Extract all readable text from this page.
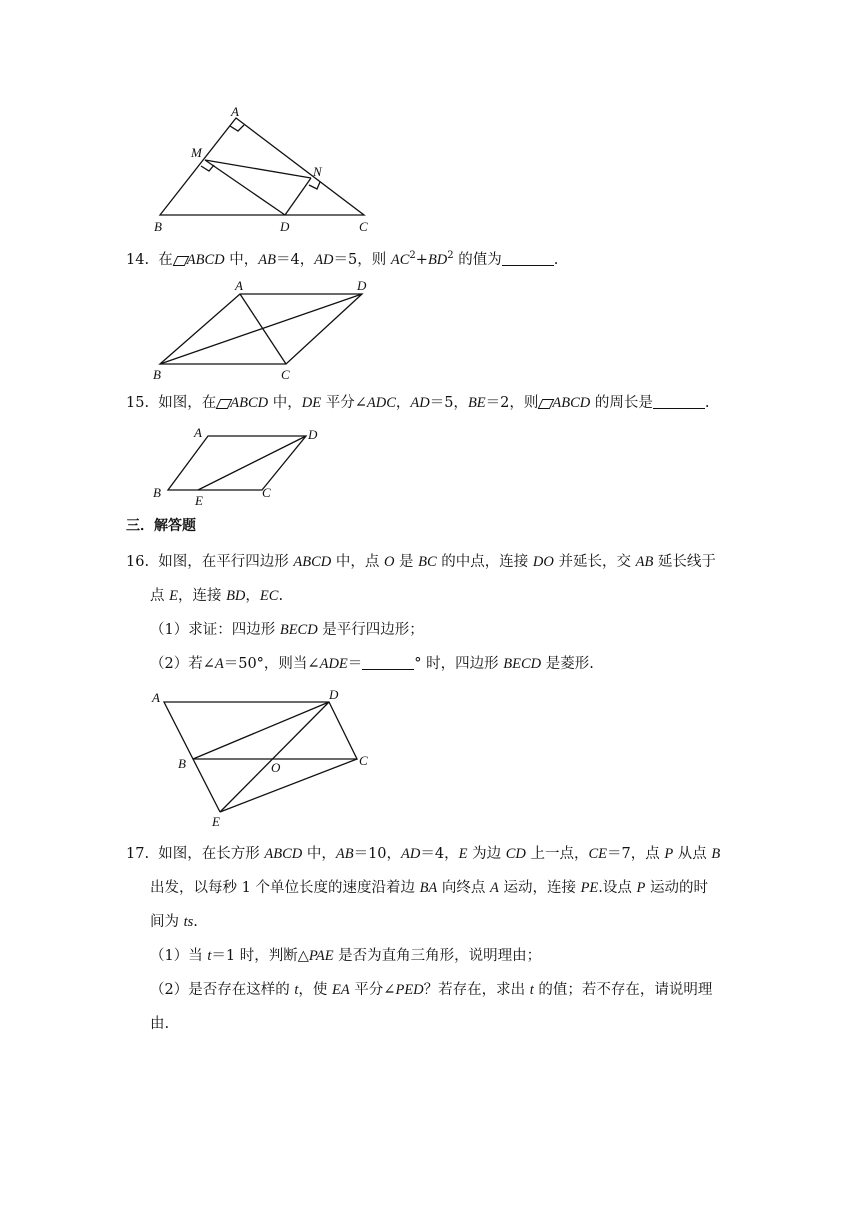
A
M
N
B	D	C
14. 在 ABCD 中，AB＝4，AD＝5，则 $AC^2+BD^2$ 的值为	.
A	D
B	C
15. 如图，在 ABCD 中，DE 平分∠ADC，AD＝5，BE＝2，则 ABCD 的周长是	.
A	D
B
E
C
三．解答题
16. 如图，在平行四边形 ABCD 中，点 O 是 BC 的中点，连接 DO 并延长，交 AB 延长线于
点 E，连接 BD，EC.
（1）求证：四边形 BECD 是平行四边形；
（2）若∠A＝50°，则当∠ADE＝	° 时，四边形 BECD 是菱形.
A	D
B	O	C
E
17. 如图，在长方形 ABCD 中，AB＝10，AD＝4，E 为边 CD 上一点，CE＝7，点 P 从点 B
出发，以每秒 1 个单位长度的速度沿着边 BA 向终点 A 运动，连接 PE.设点 P 运动的时
间为 ts.
（1）当 t＝1 时，判断△PAE 是否为直角三角形，说明理由；
（2）是否存在这样的 t，使 EA 平分∠PED？若存在，求出 t 的值；若不存在，请说明理
由.
